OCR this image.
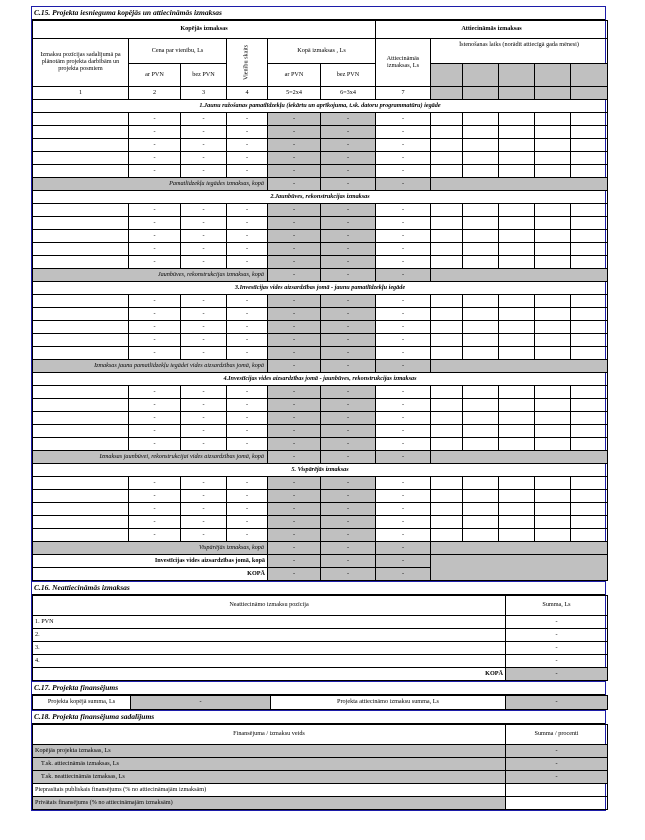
C.15. Projekta iesnieguma kopējās un attiecināmās izmaksas
Kopējās izmaksas						Attiecināmās izmaksas					
Izmaksu pozīcijas sadalījumā pa plānotām projekta darbībām un projekta posmiem	Cena par vienību, Ls		Vienību skaits	Kopā izmaksas , Ls		Attiecināmās izmaksas, Ls	Īstenošanas laiks (norādīt attiecīgā gada mēnesi)				
	ar PVN	bez PVN		ar PVN	bez PVN						
1	2	3	4	5=2x4	6=3x4	7					
1.Jaunu ražošanas pamatlīdzekļu (iekārtu un aprīkojuma, t.sk. datoru programmatūru) iegāde											
	-	-	-	-	-	-					
	-	-	-	-	-	-					
	-	-	-	-	-	-					
	-	-	-	-	-	-					
	-	-	-	-	-	-					
Pamatlīdzekļu iegādes izmaksas, kopā				-	-	-					
2.Jaunbūves, rekonstrukcijas izmaksas											
	-	-	-	-	-	-					
	-	-	-	-	-	-					
	-	-	-	-	-	-					
	-	-	-	-	-	-					
	-	-	-	-	-	-					
Jaunbūves, rekonstrukcijas izmaksas, kopā				-	-	-					
3.Investīcijas vides aizsardzības jomā - jaunu pamatlīdzekļu iegāde											
	-	-	-	-	-	-					
	-	-	-	-	-	-					
	-	-	-	-	-	-					
	-	-	-	-	-	-					
	-	-	-	-	-	-					
Izmaksas jaunu pamatlīdzekļu iegādei vides aizsardzības jomā, kopā				-	-	-					
4.Investīcijas vides aizsardzības jomā - jaunbūves, rekonstrukcijas izmaksas											
	-	-	-	-	-	-					
	-	-	-	-	-	-					
	-	-	-	-	-	-					
	-	-	-	-	-	-					
	-	-	-	-	-	-					
Izmaksas jaunbūvei, rekonstrukcijai vides aizsardzības jomā, kopā				-	-	-					
5. Vispārējās izmaksas											
	-	-	-	-	-	-					
	-	-	-	-	-	-					
	-	-	-	-	-	-					
	-	-	-	-	-	-					
	-	-	-	-	-	-					
Vispārējās izmaksas, kopā				-	-	-					
Investīcijas vides aizsardzības jomā, kopā				-	-	-					
KOPĀ				-	-	-					
C.16. Neattiecināmās izmaksas
Neattiecināmo izmaksu pozīcija	Summa, Ls
1. PVN	-
2.	-
3.	-
4.	-
KOPĀ	-
C.17. Projekta finansējums
Projekta kopējā summa, Ls	-	Projekta attiecināmo izmaksu summa, Ls	-
C.18. Projekta finansējuma sadalījums
Finansējuma / izmaksu veids	Summa / procenti
Kopējās projekta izmaksas, Ls	-
T.sk. attiecināmās izmaksas, Ls	-
T.sk. neattiecināmās izmaksas, Ls	-
Pieprasītais publiskais finansējums (% no attiecināmajām izmaksām)	
Privātais finansējums (% no attiecināmajām izmaksām)	
